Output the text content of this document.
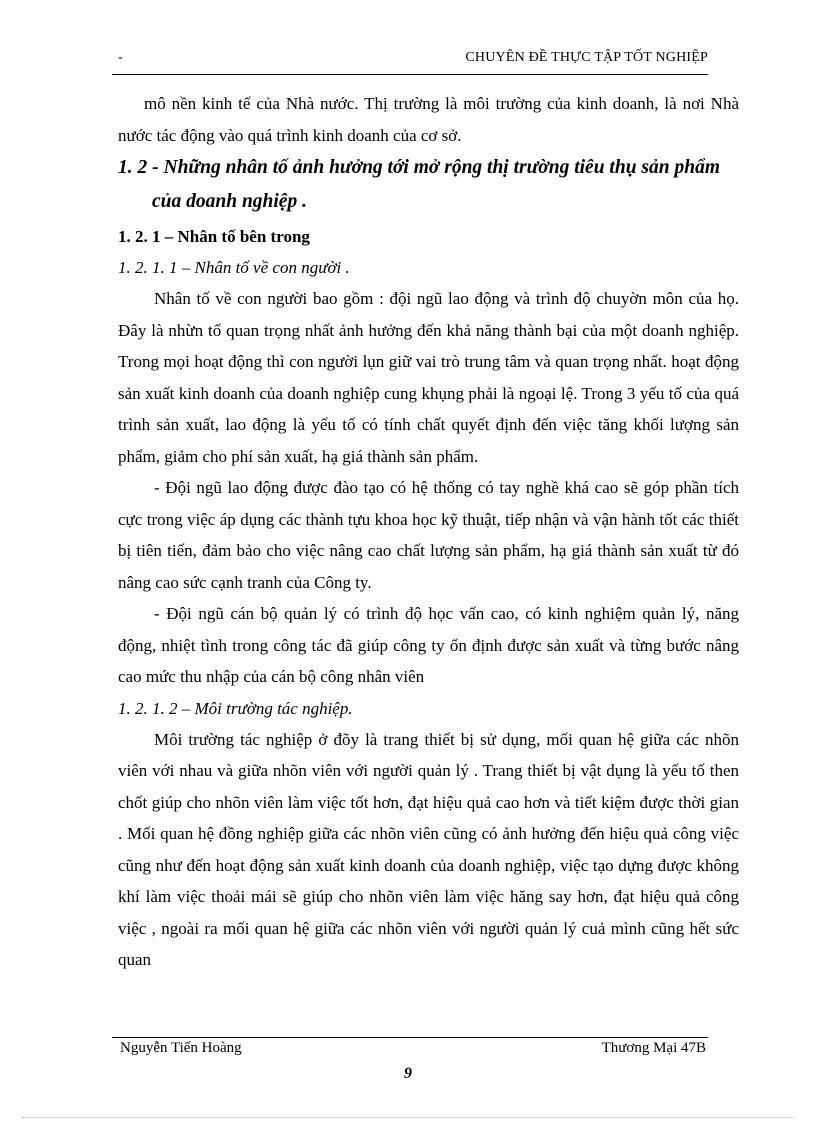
-	CHUYÊN ĐỀ THỰC TẬP TỐT NGHIỆP

mô nền kinh tế của Nhà nước. Thị trường là môi trường của kinh doanh, là nơi Nhà nước tác động vào quá trình kinh doanh của cơ sở.

1. 2 - Những nhân tố ảnh hưởng tới mở rộng thị trường tiêu thụ sản phẩm của doanh nghiệp .

1. 2. 1 – Nhân tố bên trong

1. 2. 1. 1 – Nhân tố về con người .

Nhân tố về con người bao gồm : đội ngũ lao động và trình độ chuyờn môn của họ. Đây là nhừn tố quan trọng nhất ảnh hưởng đến khả năng thành bại của một doanh nghiệp. Trong mọi hoạt động thì con người lụn giữ vai trò trung tâm và quan trọng nhất. hoạt động sản xuất kinh doanh của doanh nghiệp cung khụng phải là ngoại lệ. Trong 3 yếu tố của quá trình sản xuất, lao động là yếu tố có tính chất quyết định đến việc tăng khối lượng sản phẩm, giảm cho phí sản xuất, hạ giá thành sản phẩm.

- Đội ngũ lao động được đào tạo có hệ thống có tay nghề khá cao sẽ góp phần tích cực trong việc áp dụng các thành tựu khoa học kỹ thuật, tiếp nhận và vận hành tốt các thiết bị tiên tiến, đảm bảo cho việc nâng cao chất lượng sản phẩm, hạ giá thành sản xuất từ đó nâng cao sức cạnh tranh của Công ty.

- Đội ngũ cán bộ quản lý có trình độ học vấn cao, có kinh nghiệm quản lý, năng động, nhiệt tình trong công tác đã giúp công ty ổn định được sản xuất và từng bước nâng cao mức thu nhập của cán bộ công nhân viên

1. 2. 1. 2 – Môi trường tác nghiệp.

Môi trường tác nghiệp ở đõy là trang thiết bị sử dụng, mối quan hệ giữa các nhõn viên với nhau và giữa nhõn viên với người quản lý . Trang thiết bị vật dụng là yếu tố then chốt giúp cho nhõn viên làm việc tốt hơn, đạt hiệu quả cao hơn và tiết kiệm được thời gian . Mối quan hệ đồng nghiệp giữa các nhõn viên cũng có ảnh hưởng đến hiệu quả công việc cũng như đến hoạt động sản xuất kinh doanh của doanh nghiệp, việc tạo dựng được không khí làm việc thoải mái sẽ giúp cho nhõn viên làm việc hăng say hơn, đạt hiệu quả công việc , ngoài ra mối quan hệ giữa các nhõn viên với người quản lý cuả mình cũng hết sức quan

Nguyễn Tiến Hoàng	Thương Mại 47B
9
